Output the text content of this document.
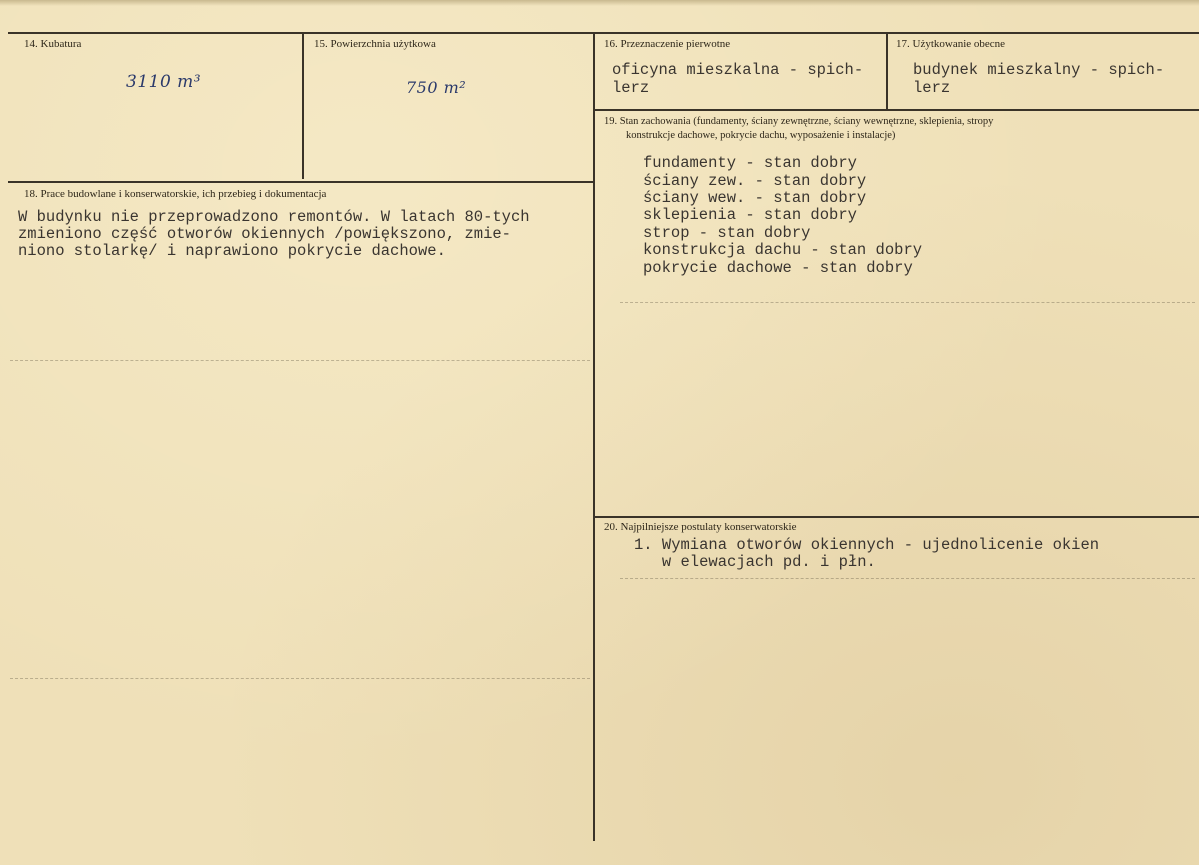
14. Kubatura
3110 m³
15. Powierzchnia użytkowa
750 m²
16. Przeznaczenie pierwotne
oficyna mieszkalna - spich-
lerz
17. Użytkowanie obecne
budynek mieszkalny - spich-
lerz
18. Prace budowlane i konserwatorskie, ich przebieg i dokumentacja
W budynku nie przeprowadzono remontów. W latach 80-tych
zmieniono część otworów okiennych /powiększono, zmie-
niono stolarkę/ i naprawiono pokrycie dachowe.
19. Stan zachowania (fundamenty, ściany zewnętrzne, ściany wewnętrzne, sklepienia, stropy
konstrukcje dachowe, pokrycie dachu, wyposażenie i instalacje)
fundamenty - stan dobry
ściany zew. - stan dobry
ściany wew. - stan dobry
sklepienia - stan dobry
strop - stan dobry
konstrukcja dachu - stan dobry
pokrycie dachowe - stan dobry
20. Najpilniejsze postulaty konserwatorskie
1. Wymiana otworów okiennych - ujednolicenie okien
w elewacjach pd. i płn.
